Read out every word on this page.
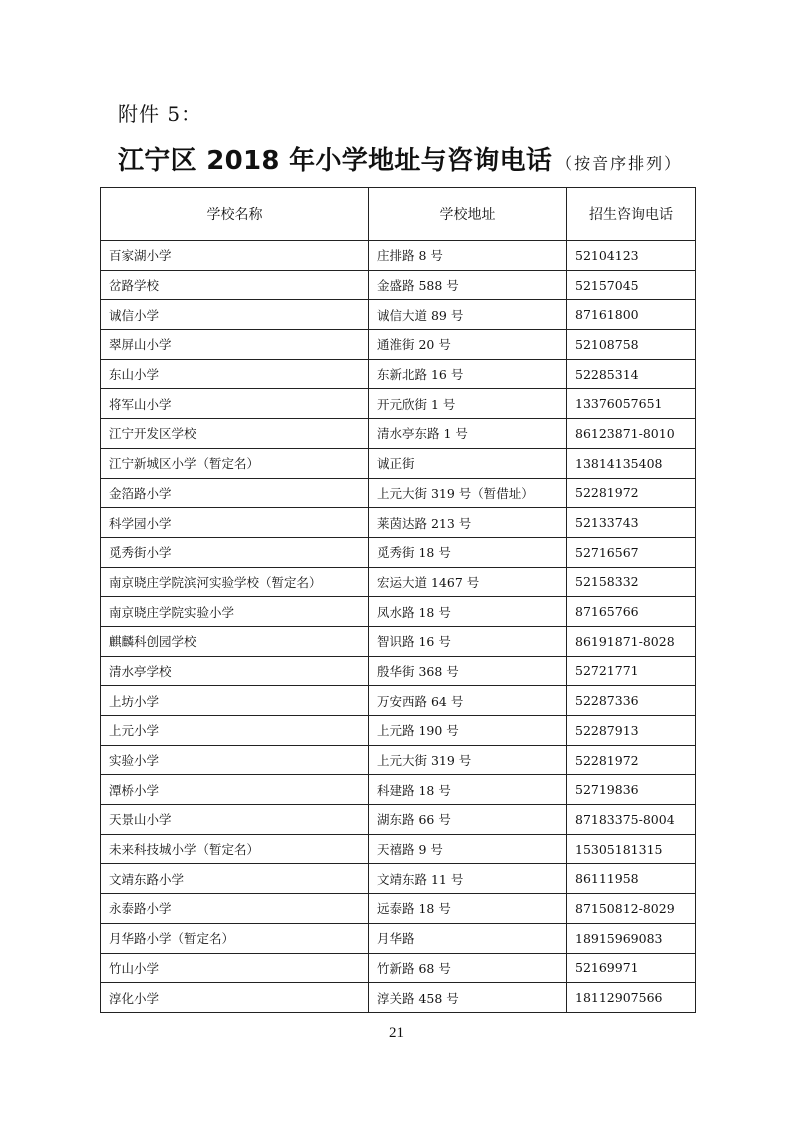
附件 5：
江宁区 2018 年小学地址与咨询电话 （按音序排列）
学校名称	学校地址	招生咨询电话
百家湖小学	庄排路 8 号	52104123
岔路学校	金盛路 588 号	52157045
诚信小学	诚信大道 89 号	87161800
翠屏山小学	通淮街 20 号	52108758
东山小学	东新北路 16 号	52285314
将军山小学	开元欣街 1 号	13376057651
江宁开发区学校	清水亭东路 1 号	86123871-8010
江宁新城区小学（暂定名）	诚正街	13814135408
金箔路小学	上元大街 319 号（暂借址）	52281972
科学园小学	莱茵达路 213 号	52133743
觅秀街小学	觅秀街 18 号	52716567
南京晓庄学院滨河实验学校（暂定名）	宏运大道 1467 号	52158332
南京晓庄学院实验小学	凤水路 18 号	87165766
麒麟科创园学校	智识路 16 号	86191871-8028
清水亭学校	殷华街 368 号	52721771
上坊小学	万安西路 64 号	52287336
上元小学	上元路 190 号	52287913
实验小学	上元大街 319 号	52281972
潭桥小学	科建路 18 号	52719836
天景山小学	湖东路 66 号	87183375-8004
未来科技城小学（暂定名）	天禧路 9 号	15305181315
文靖东路小学	文靖东路 11 号	86111958
永泰路小学	远泰路 18 号	87150812-8029
月华路小学（暂定名）	月华路	18915969083
竹山小学	竹新路 68 号	52169971
淳化小学	淳关路 458 号	18112907566
21
